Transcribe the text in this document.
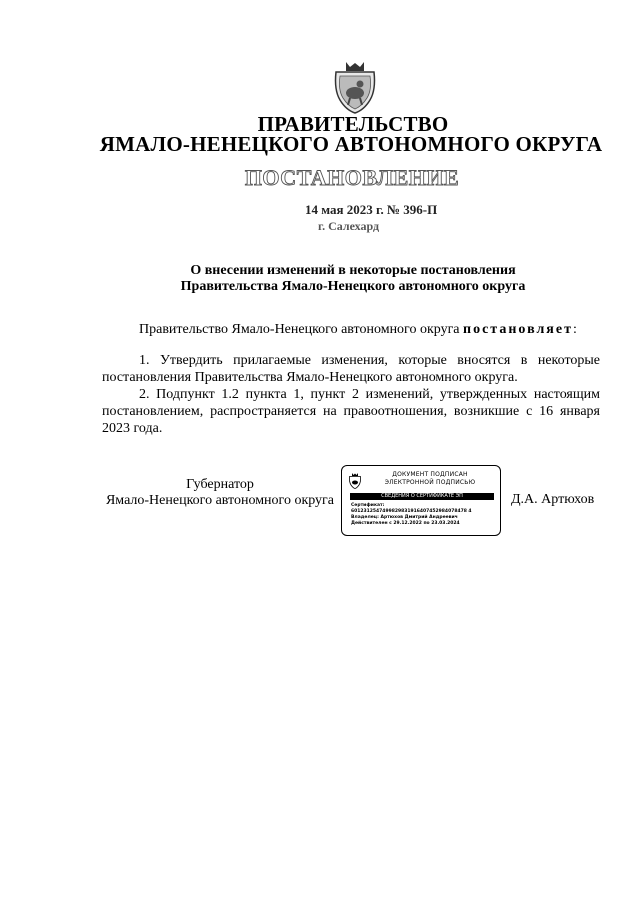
ПРАВИТЕЛЬСТВО
ЯМАЛО-НЕНЕЦКОГО АВТОНОМНОГО ОКРУГА
ПОСТАНОВЛЕНИЕ
14 мая 2023 г. № 396-П
г. Салехард
О внесении изменений в некоторые постановления
Правительства Ямало-Ненецкого автономного округа
Правительство Ямало-Ненецкого автономного округа постановляет:
1. Утвердить прилагаемые изменения, которые вносятся в некоторые постановления Правительства Ямало-Ненецкого автономного округа.
2. Подпункт 1.2 пункта 1, пункт 2 изменений, утвержденных настоящим постановлением, распространяется на правоотношения, возникшие с 16 января 2023 года.
Губернатор
Ямало-Ненецкого автономного округа
ДОКУМЕНТ ПОДПИСАН
ЭЛЕКТРОННОЙ ПОДПИСЬЮ
СВЕДЕНИЯ О СЕРТИФИКАТЕ ЭП
Сертификат:
6012312547499829831916407452984078478 4
Владелец: Артюхов Дмитрий Андреевич
Действителен с 29.12.2022 по 23.03.2024
Д.А. Артюхов
